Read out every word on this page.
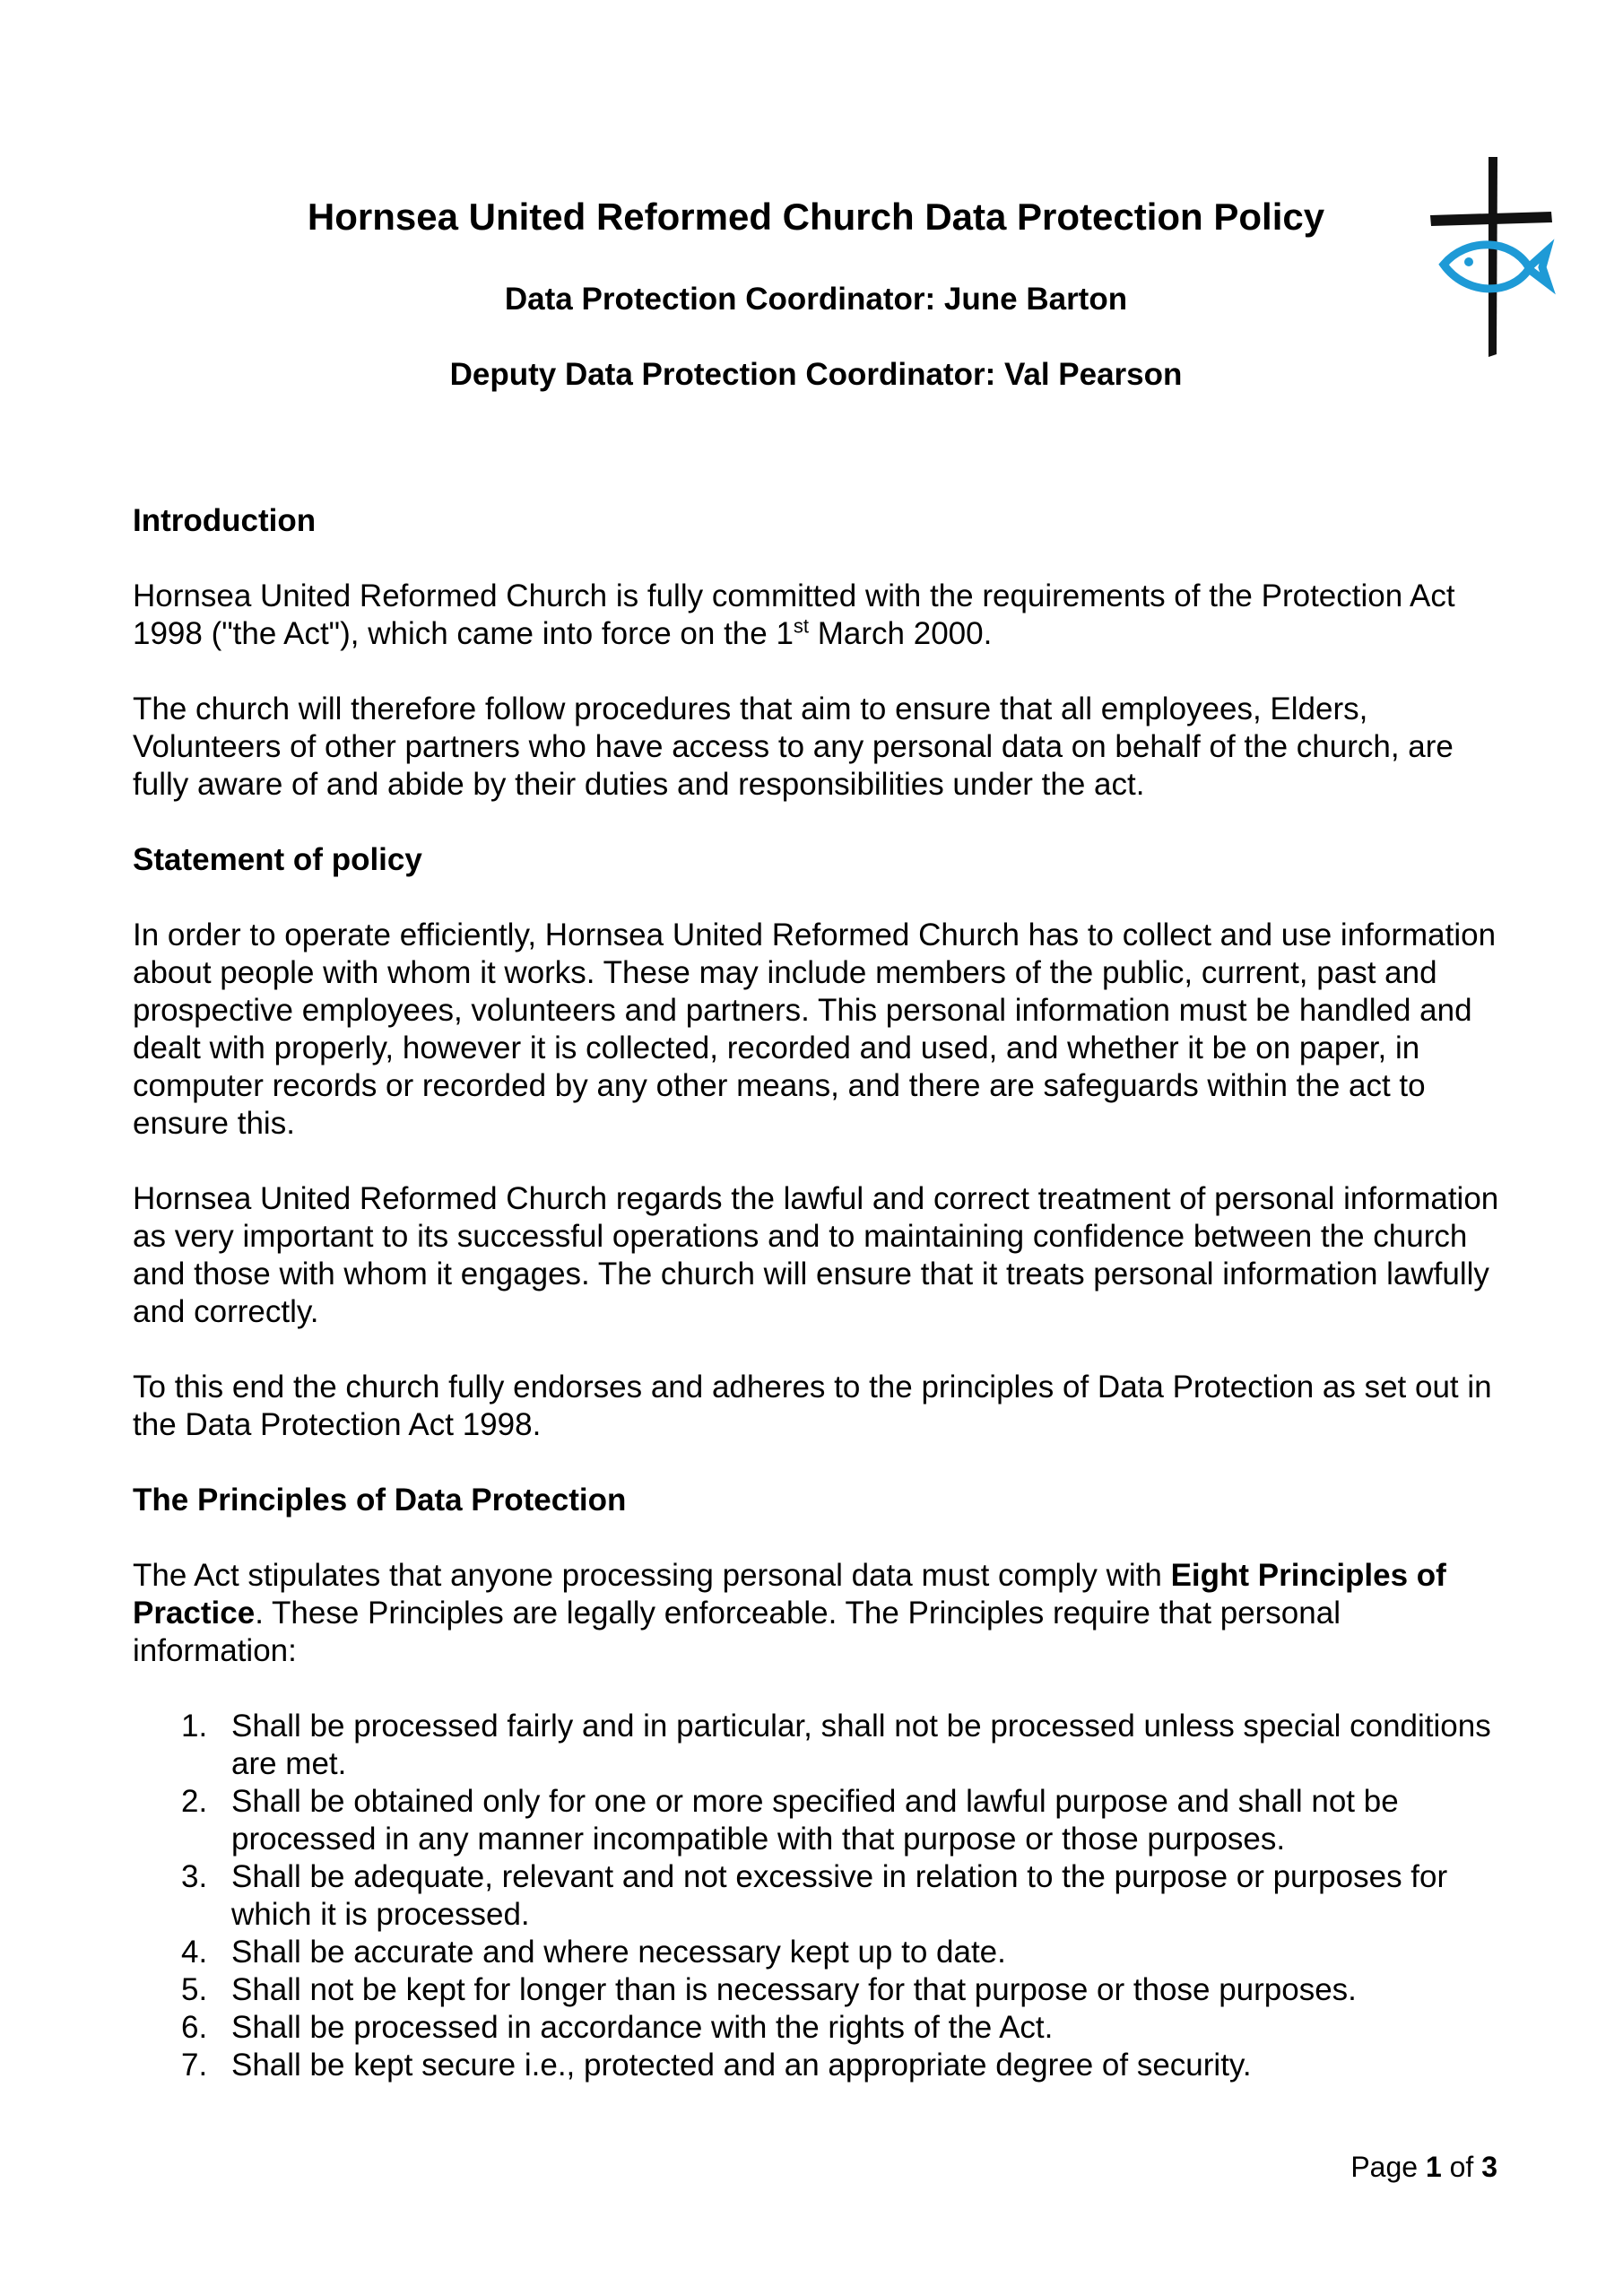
Hornsea United Reformed Church Data Protection Policy

Data Protection Coordinator: June Barton

Deputy Data Protection Coordinator: Val Pearson

Introduction

Hornsea United Reformed Church is fully committed with the requirements of the Protection Act 1998 ("the Act"), which came into force on the 1st March 2000.

The church will therefore follow procedures that aim to ensure that all employees, Elders, Volunteers of other partners who have access to any personal data on behalf of the church, are fully aware of and abide by their duties and responsibilities under the act.

Statement of policy

In order to operate efficiently, Hornsea United Reformed Church has to collect and use information about people with whom it works. These may include members of the public, current, past and prospective employees, volunteers and partners. This personal information must be handled and dealt with properly, however it is collected, recorded and used, and whether it be on paper, in computer records or recorded by any other means, and there are safeguards within the act to ensure this.

Hornsea United Reformed Church regards the lawful and correct treatment of personal information as very important to its successful operations and to maintaining confidence between the church and those with whom it engages. The church will ensure that it treats personal information lawfully and correctly.

To this end the church fully endorses and adheres to the principles of Data Protection as set out in the Data Protection Act 1998.

The Principles of Data Protection

The Act stipulates that anyone processing personal data must comply with Eight Principles of Practice. These Principles are legally enforceable. The Principles require that personal information:

1. Shall be processed fairly and in particular, shall not be processed unless special conditions are met.
2. Shall be obtained only for one or more specified and lawful purpose and shall not be processed in any manner incompatible with that purpose or those purposes.
3. Shall be adequate, relevant and not excessive in relation to the purpose or purposes for which it is processed.
4. Shall be accurate and where necessary kept up to date.
5. Shall not be kept for longer than is necessary for that purpose or those purposes.
6. Shall be processed in accordance with the rights of the Act.
7. Shall be kept secure i.e., protected and an appropriate degree of security.
Page 1 of 3
